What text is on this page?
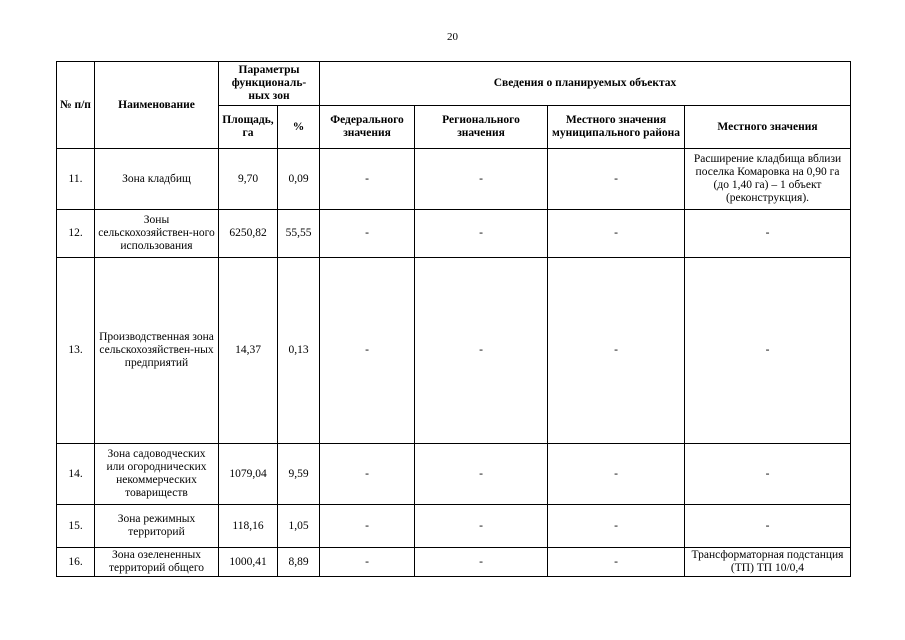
20
№ п/п	Наименование	Параметры функциональ-ных зон		Сведения о планируемых объектах			
		Площадь, га	%	Федерального значения	Регионального значения	Местного значения муниципального района	Местного значения
11.	Зона кладбищ	9,70	0,09	-	-	-	Расширение кладбища вблизи поселка Комаровка на 0,90 га (до 1,40 га) – 1 объект (реконструкция).
12.	Зоны сельскохозяйствен-ного использования	6250,82	55,55	-	-	-	-
13.	Производственная зона сельскохозяйствен-ных предприятий	14,37	0,13	-	-	-	-
14.	Зона садоводческих или огороднических некоммерческих товариществ	1079,04	9,59	-	-	-	-
15.	Зона режимных территорий	118,16	1,05	-	-	-	-
16.	Зона озелененных территорий общего	1000,41	8,89	-	-	-	Трансформаторная подстанция (ТП) ТП 10/0,4
